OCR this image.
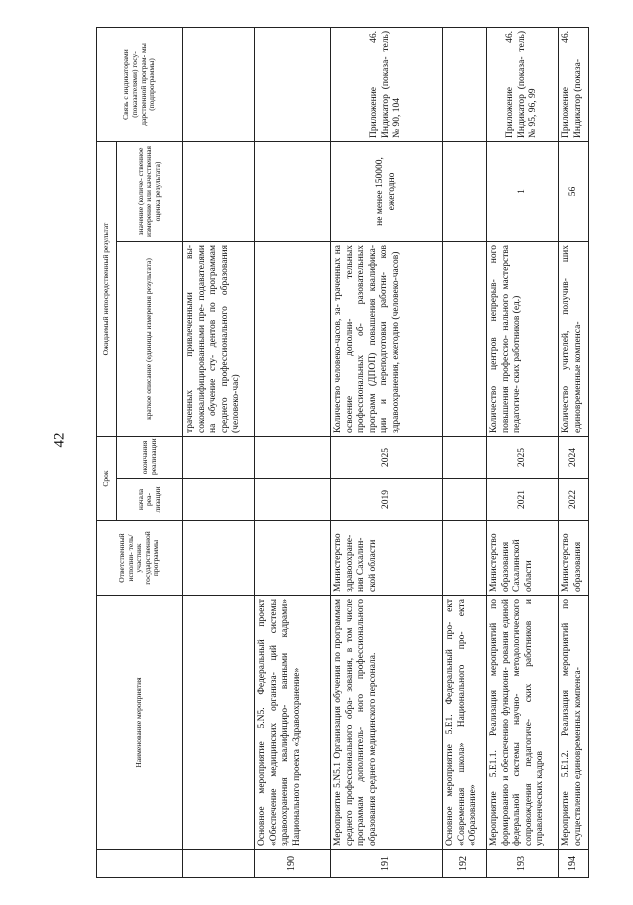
42
	Наименование мероприятия	Ответственный исполни- тель/участник государственной программы	Срок		Ожидаемый непосредственный результат		Связь с индикаторами (показателями) госу- дарственной програм- мы (подпрограммы)
			начала реа- лизации	окончания реализации	краткое описание (единицы измерения результата)	значение (количе- ственное измерение или качественная оценка результата)	
					траченных привлеченными вы- сококвалифицированными пре- подавателями на обучение сту- дентов по программам среднего профессионального образования (человеко-час)		
190	Основное мероприятие 5.N5. Федеральный проект «Обеспечение медицинских организа- ций системы здравоохранения квалифициро- ванными кадрами» Национального проекта «Здравоохранение»						
191	Мероприятие 5.N5.1 Организация обучения по программам среднего профессионального обра- зования, в том числе программам дополнитель- ного профессионального образования среднего медицинского персонала.	Министерство здравоохране- ния Сахалин- ской области	2019	2025	Количество человеко-часов, за- траченных на освоение дополни- тельных профессиональных об- разовательных программ (ДПОП) повышения квалифика- ции и переподготовки работни- ков здравоохранения, ежегодно (человеко-часов)	не менее 150000, ежегодно	Приложение 46. Индикатор (показа- тель) № 90, 104
192	Основное мероприятие 5.E1. Федеральный про- ект «Современная школа» Национального про- екта «Образование»						
193	Мероприятие 5.E1.1. Реализация мероприятий по формированию и обеспечению функциони- рования единой федеральной системы научно- методологического сопровождения педагогиче- ских работников и управленческих кадров	Министерство образования Сахалинской области	2021	2025	Количество центров непрерыв- ного повышения профессио- нального мастерства педагогиче- ских работников (ед.)	1	Приложение 46. Индикатор (показа- тель) № 95, 96, 99
194	Мероприятие 5.E1.2. Реализация мероприятий по осуществлению единовременных компенса-	Министерство образования	2022	2024	Количество учителей, получив- ших единовременные компенса-	56	Приложение 46. Индикатор (показа-
